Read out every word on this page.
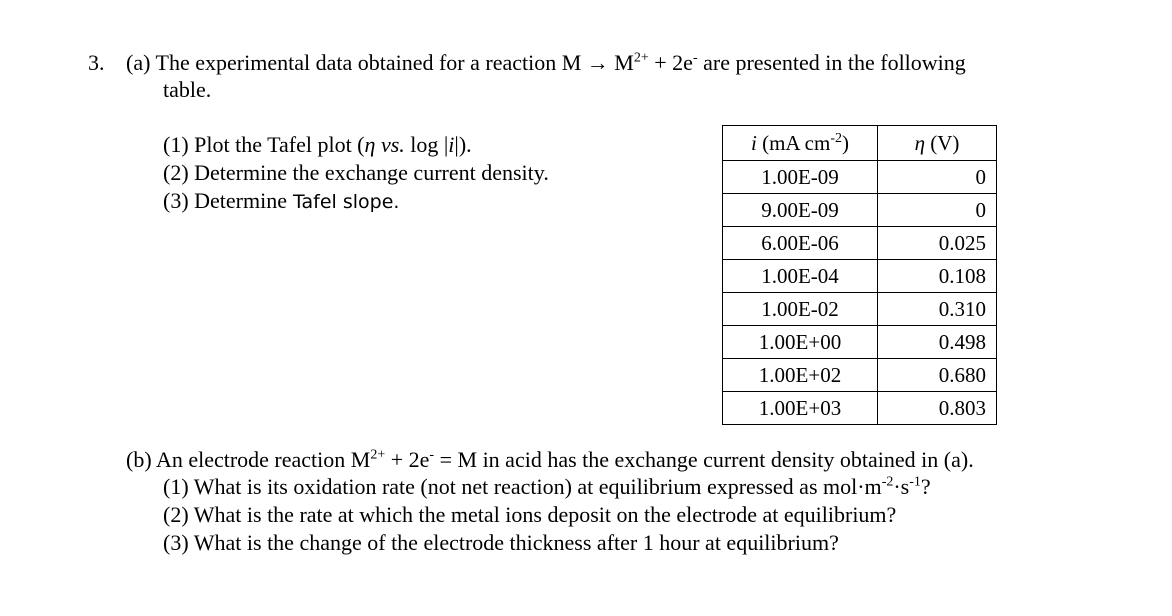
3. (a) The experimental data obtained for a reaction $M \to M^{2+} + 2e^-$ are presented in the following
table.
(1) Plot the Tafel plot (η vs. log |i|).
(2) Determine the exchange current density.
(3) Determine Tafel slope.
i (mA $cm^{-2}$)	η (V)
1.00E-09	0
9.00E-09	0
6.00E-06	0.025
1.00E-04	0.108
1.00E-02	0.310
1.00E+00	0.498
1.00E+02	0.680
1.00E+03	0.803
(b) An electrode reaction $M^{2+} + 2e^- = M$ in acid has the exchange current density obtained in (a).
(1) What is its oxidation rate (not net reaction) at equilibrium expressed as $mol\cdot m^{-2}\cdot s^{-1}$?
(2) What is the rate at which the metal ions deposit on the electrode at equilibrium?
(3) What is the change of the electrode thickness after 1 hour at equilibrium?
